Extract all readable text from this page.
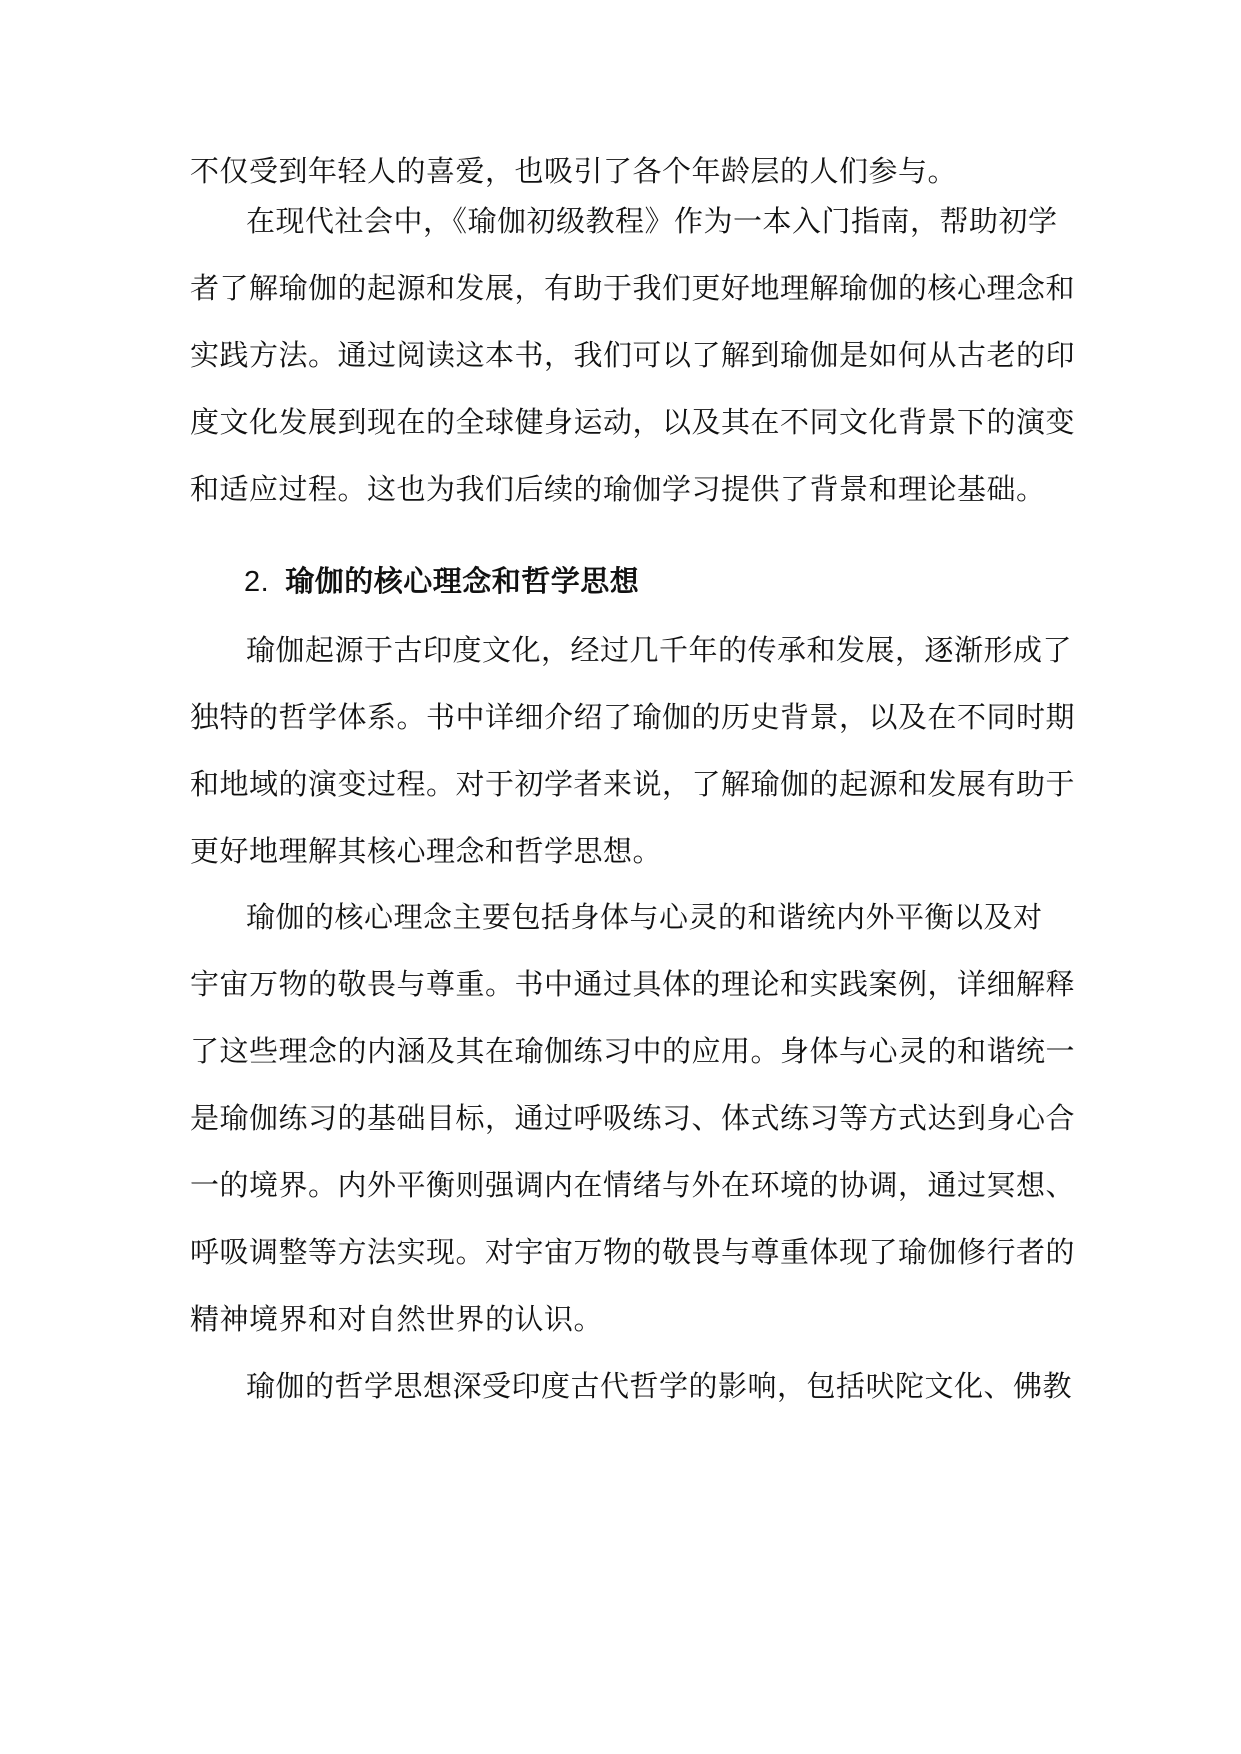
不仅受到年轻人的喜爱，也吸引了各个年龄层的人们参与。
在现代社会中，《瑜伽初级教程》作为一本入门指南，帮助初学
者了解瑜伽的起源和发展，有助于我们更好地理解瑜伽的核心理念和
实践方法。通过阅读这本书，我们可以了解到瑜伽是如何从古老的印
度文化发展到现在的全球健身运动，以及其在不同文化背景下的演变
和适应过程。这也为我们后续的瑜伽学习提供了背景和理论基础。
2. 瑜伽的核心理念和哲学思想
瑜伽起源于古印度文化，经过几千年的传承和发展，逐渐形成了
独特的哲学体系。书中详细介绍了瑜伽的历史背景，以及在不同时期
和地域的演变过程。对于初学者来说，了解瑜伽的起源和发展有助于
更好地理解其核心理念和哲学思想。
瑜伽的核心理念主要包括身体与心灵的和谐统内外平衡以及对
宇宙万物的敬畏与尊重。书中通过具体的理论和实践案例，详细解释
了这些理念的内涵及其在瑜伽练习中的应用。身体与心灵的和谐统一
是瑜伽练习的基础目标，通过呼吸练习、体式练习等方式达到身心合
一的境界。内外平衡则强调内在情绪与外在环境的协调，通过冥想、
呼吸调整等方法实现。对宇宙万物的敬畏与尊重体现了瑜伽修行者的
精神境界和对自然世界的认识。
瑜伽的哲学思想深受印度古代哲学的影响，包括吠陀文化、佛教
